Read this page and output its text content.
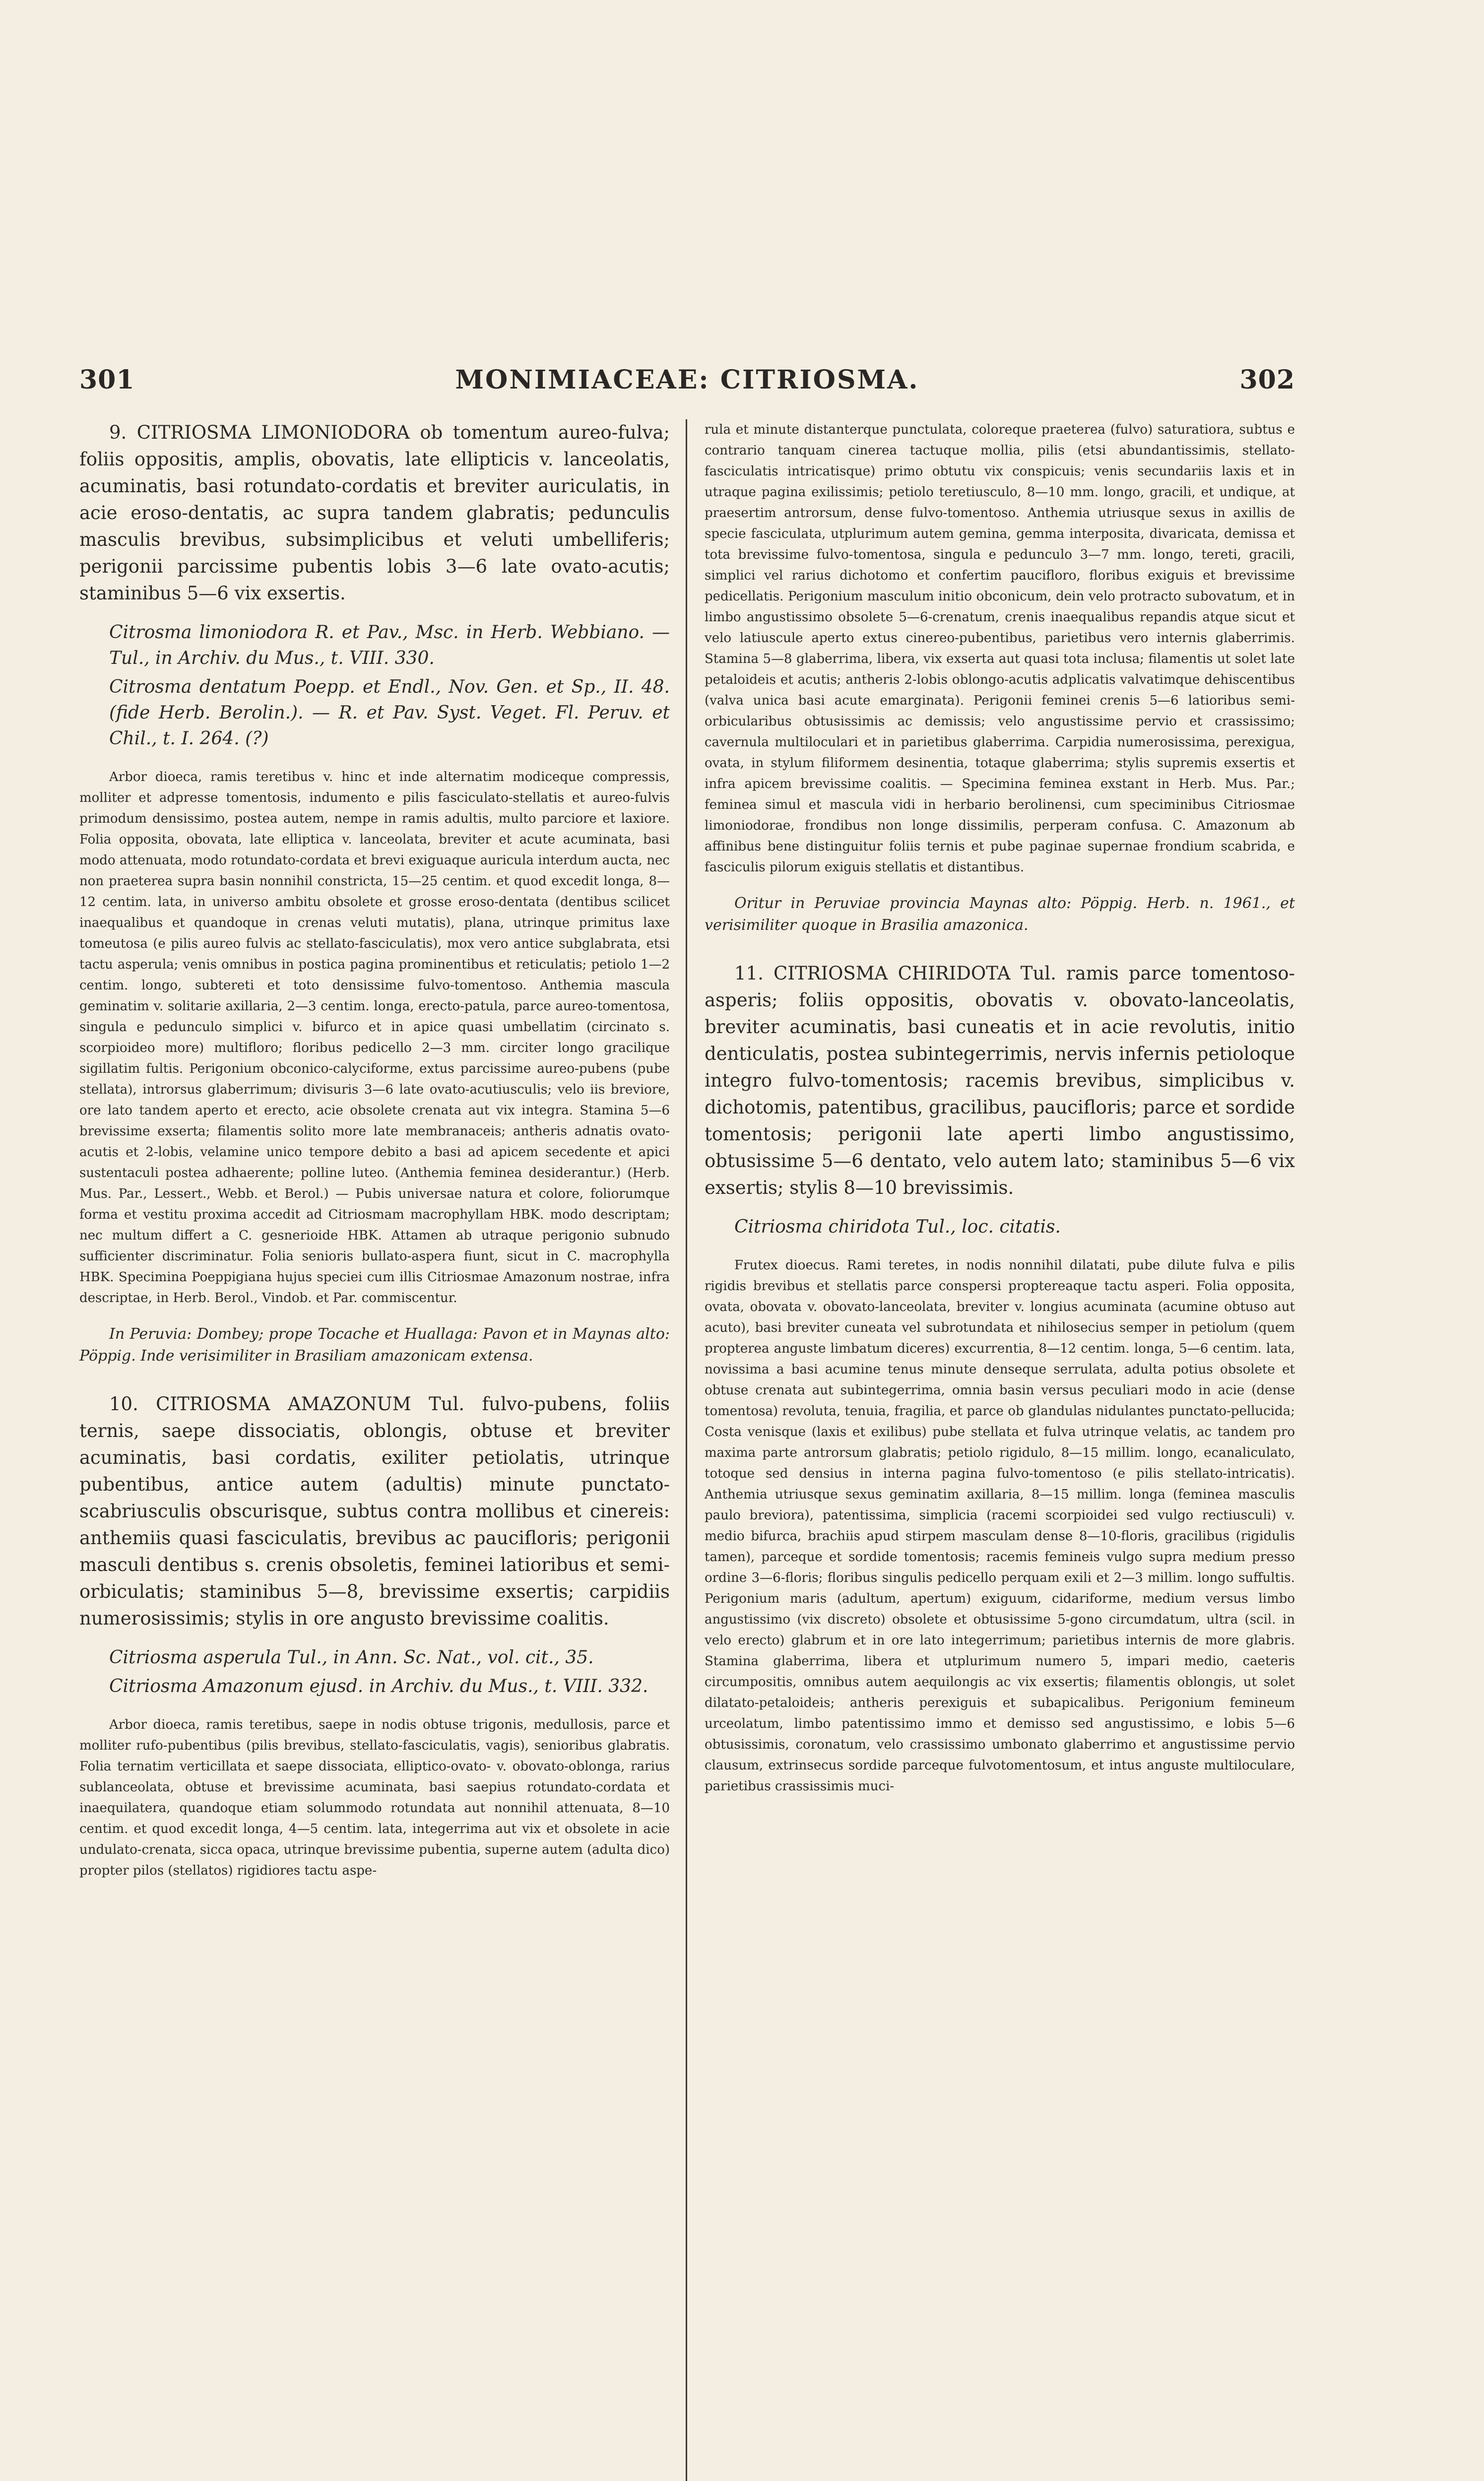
301	MONIMIACEAE: CITRIOSMA.	302

9. CITRIOSMA LIMONIODORA ob tomentum aureo-fulva; foliis oppositis, amplis, obovatis, late ellipticis v. lanceolatis, acuminatis, basi rotundato-cordatis et breviter auriculatis, in acie eroso-dentatis, ac supra tandem glabratis; pedunculis masculis brevibus, subsimplicibus et veluti umbelliferis; perigonii parcissime pubentis lobis 3—6 late ovato-acutis; staminibus 5—6 vix exsertis.

Citrosma limoniodora R. et Pav., Msc. in Herb. Webbiano. — Tul., in Archiv. du Mus., t. VIII. 330.

Citrosma dentatum Poepp. et Endl., Nov. Gen. et Sp., II. 48. (fide Herb. Berolin.). — R. et Pav. Syst. Veget. Fl. Peruv. et Chil., t. I. 264. (?)

Arbor dioeca, ramis teretibus v. hinc et inde alternatim modiceque compressis, molliter et adpresse tomentosis, indumento e pilis fasciculato-stellatis et aureo-fulvis primodum densissimo, postea autem, nempe in ramis adultis, multo parciore et laxiore. Folia opposita, obovata, late elliptica v. lanceolata, breviter et acute acuminata, basi modo attenuata, modo rotundato-cordata et brevi exiguaque auricula interdum aucta, nec non praeterea supra basin nonnihil constricta, 15—25 centim. et quod excedit longa, 8—12 centim. lata, in universo ambitu obsolete et grosse eroso-dentata (dentibus scilicet inaequalibus et quandoque in crenas veluti mutatis), plana, utrinque primitus laxe tomeutosa (e pilis aureo fulvis ac stellato-fasciculatis), mox vero antice subglabrata, etsi tactu asperula; venis omnibus in postica pagina prominentibus et reticulatis; petiolo 1—2 centim. longo, subtereti et toto densissime fulvo-tomentoso. Anthemia mascula geminatim v. solitarie axillaria, 2—3 centim. longa, erecto-patula, parce aureo-tomentosa, singula e pedunculo simplici v. bifurco et in apice quasi umbellatim (circinato s. scorpioideo more) multifloro; floribus pedicello 2—3 mm. circiter longo gracilique sigillatim fultis. Perigonium obconico-calyciforme, extus parcissime aureo-pubens (pube stellata), introrsus glaberrimum; divisuris 3—6 late ovato-acutiusculis; velo iis breviore, ore lato tandem aperto et erecto, acie obsolete crenata aut vix integra. Stamina 5—6 brevissime exserta; filamentis solito more late membranaceis; antheris adnatis ovato-acutis et 2-lobis, velamine unico tempore debito a basi ad apicem secedente et apici sustentaculi postea adhaerente; polline luteo. (Anthemia feminea desiderantur.) (Herb. Mus. Par., Lessert., Webb. et Berol.) — Pubis universae natura et colore, foliorumque forma et vestitu proxima accedit ad Citriosmam macrophyllam HBK. modo descriptam; nec multum differt a C. gesnerioide HBK. Attamen ab utraque perigonio subnudo sufficienter discriminatur. Folia senioris bullato-aspera fiunt, sicut in C. macrophylla HBK. Specimina Poeppigiana hujus speciei cum illis Citriosmae Amazonum nostrae, infra descriptae, in Herb. Berol., Vindob. et Par. commiscentur.

In Peruvia: Dombey; prope Tocache et Huallaga: Pavon et in Maynas alto: Pöppig. Inde verisimiliter in Brasiliam amazonicam extensa.

10. CITRIOSMA AMAZONUM Tul. fulvo-pubens, foliis ternis, saepe dissociatis, oblongis, obtuse et breviter acuminatis, basi cordatis, exiliter petiolatis, utrinque pubentibus, antice autem (adultis) minute punctato-scabriusculis obscurisque, subtus contra mollibus et cinereis: anthemiis quasi fasciculatis, brevibus ac paucifloris; perigonii masculi dentibus s. crenis obsoletis, feminei latioribus et semi-orbiculatis; staminibus 5—8, brevissime exsertis; carpidiis numerosissimis; stylis in ore angusto brevissime coalitis.

Citriosma asperula Tul., in Ann. Sc. Nat., vol. cit., 35.

Citriosma Amazonum ejusd. in Archiv. du Mus., t. VIII. 332.

Arbor dioeca, ramis teretibus, saepe in nodis obtuse trigonis, medullosis, parce et molliter rufo-pubentibus (pilis brevibus, stellato-fasciculatis, vagis), senioribus glabratis. Folia ternatim verticillata et saepe dissociata, elliptico-ovato- v. obovato-oblonga, rarius sublanceolata, obtuse et brevissime acuminata, basi saepius rotundato-cordata et inaequilatera, quandoque etiam solummodo rotundata aut nonnihil attenuata, 8—10 centim. et quod excedit longa, 4—5 centim. lata, integerrima aut vix et obsolete in acie undulato-crenata, sicca opaca, utrinque brevissime pubentia, superne autem (adulta dico) propter pilos (stellatos) rigidiores tactu aspe-

rula et minute distanterque punctulata, coloreque praeterea (fulvo) saturatiora, subtus e contrario tanquam cinerea tactuque mollia, pilis (etsi abundantissimis, stellato-fasciculatis intricatisque) primo obtutu vix conspicuis; venis secundariis laxis et in utraque pagina exilissimis; petiolo teretiusculo, 8—10 mm. longo, gracili, et undique, at praesertim antrorsum, dense fulvo-tomentoso. Anthemia utriusque sexus in axillis de specie fasciculata, utplurimum autem gemina, gemma interposita, divaricata, demissa et tota brevissime fulvo-tomentosa, singula e pedunculo 3—7 mm. longo, tereti, gracili, simplici vel rarius dichotomo et confertim paucifloro, floribus exiguis et brevissime pedicellatis. Perigonium masculum initio obconicum, dein velo protracto subovatum, et in limbo angustissimo obsolete 5—6-crenatum, crenis inaequalibus repandis atque sicut et velo latiuscule aperto extus cinereo-pubentibus, parietibus vero internis glaberrimis. Stamina 5—8 glaberrima, libera, vix exserta aut quasi tota inclusa; filamentis ut solet late petaloideis et acutis; antheris 2-lobis oblongo-acutis adplicatis valvatimque dehiscentibus (valva unica basi acute emarginata). Perigonii feminei crenis 5—6 latioribus semi-orbicularibus obtusissimis ac demissis; velo angustissime pervio et crassissimo; cavernula multiloculari et in parietibus glaberrima. Carpidia numerosissima, perexigua, ovata, in stylum filiformem desinentia, totaque glaberrima; stylis supremis exsertis et infra apicem brevissime coalitis. — Specimina feminea exstant in Herb. Mus. Par.; feminea simul et mascula vidi in herbario berolinensi, cum speciminibus Citriosmae limoniodorae, frondibus non longe dissimilis, perperam confusa. C. Amazonum ab affinibus bene distinguitur foliis ternis et pube paginae supernae frondium scabrida, e fasciculis pilorum exiguis stellatis et distantibus.

Oritur in Peruviae provincia Maynas alto: Pöppig. Herb. n. 1961., et verisimiliter quoque in Brasilia amazonica.

11. CITRIOSMA CHIRIDOTA Tul. ramis parce tomentoso-asperis; foliis oppositis, obovatis v. obovato-lanceolatis, breviter acuminatis, basi cuneatis et in acie revolutis, initio denticulatis, postea subintegerrimis, nervis infernis petioloque integro fulvo-tomentosis; racemis brevibus, simplicibus v. dichotomis, patentibus, gracilibus, paucifloris; parce et sordide tomentosis; perigonii late aperti limbo angustissimo, obtusissime 5—6 dentato, velo autem lato; staminibus 5—6 vix exsertis; stylis 8—10 brevissimis.

Citriosma chiridota Tul., loc. citatis.

Frutex dioecus. Rami teretes, in nodis nonnihil dilatati, pube dilute fulva e pilis rigidis brevibus et stellatis parce conspersi proptereaque tactu asperi. Folia opposita, ovata, obovata v. obovato-lanceolata, breviter v. longius acuminata (acumine obtuso aut acuto), basi breviter cuneata vel subrotundata et nihilosecius semper in petiolum (quem propterea anguste limbatum diceres) excurrentia, 8—12 centim. longa, 5—6 centim. lata, novissima a basi acumine tenus minute denseque serrulata, adulta potius obsolete et obtuse crenata aut subintegerrima, omnia basin versus peculiari modo in acie (dense tomentosa) revoluta, tenuia, fragilia, et parce ob glandulas nidulantes punctato-pellucida; Costa venisque (laxis et exilibus) pube stellata et fulva utrinque velatis, ac tandem pro maxima parte antrorsum glabratis; petiolo rigidulo, 8—15 millim. longo, ecanaliculato, totoque sed densius in interna pagina fulvo-tomentoso (e pilis stellato-intricatis). Anthemia utriusque sexus geminatim axillaria, 8—15 millim. longa (feminea masculis paulo breviora), patentissima, simplicia (racemi scorpioidei sed vulgo rectiusculi) v. medio bifurca, brachiis apud stirpem masculam dense 8—10-floris, gracilibus (rigidulis tamen), parceque et sordide tomentosis; racemis femineis vulgo supra medium presso ordine 3—6-floris; floribus singulis pedicello perquam exili et 2—3 millim. longo suffultis. Perigonium maris (adultum, apertum) exiguum, cidariforme, medium versus limbo angustissimo (vix discreto) obsolete et obtusissime 5-gono circumdatum, ultra (scil. in velo erecto) glabrum et in ore lato integerrimum; parietibus internis de more glabris. Stamina glaberrima, libera et utplurimum numero 5, impari medio, caeteris circumpositis, omnibus autem aequilongis ac vix exsertis; filamentis oblongis, ut solet dilatato-petaloideis; antheris perexiguis et subapicalibus. Perigonium femineum urceolatum, limbo patentissimo immo et demisso sed angustissimo, e lobis 5—6 obtusissimis, coronatum, velo crassissimo umbonato glaberrimo et angustissime pervio clausum, extrinsecus sordide parceque fulvotomentosum, et intus anguste multiloculare, parietibus crassissimis muci-
